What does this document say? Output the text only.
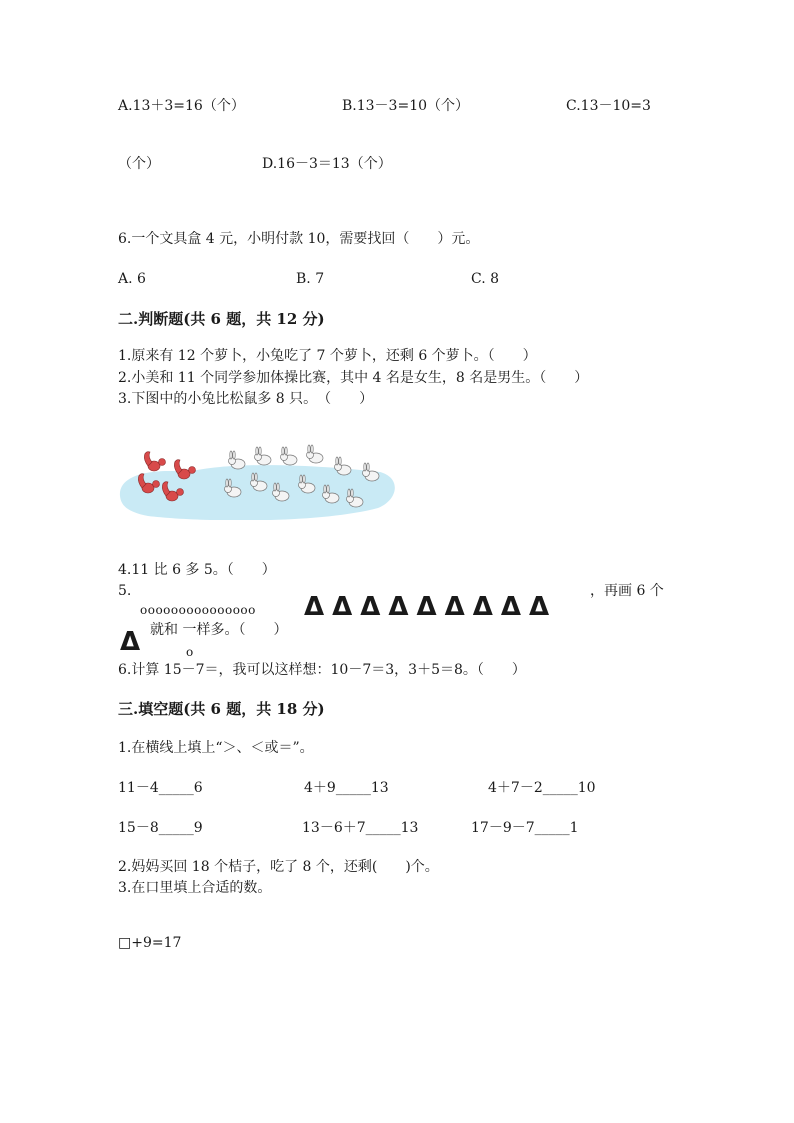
A.13＋3=16（个）	B.13－3=10（个）	C.13－10=3
（个）	D.16－3＝13（个）
6.一个文具盒 4 元，小明付款 10，需要找回（　　）元。
A. 6	B. 7	C. 8
二.判断题(共 6 题，共 12 分)
1.原来有 12 个萝卜，小兔吃了 7 个萝卜，还剩 6 个萝卜。（　　）
2.小美和 11 个同学参加体操比赛，其中 4 名是女生，8 名是男生。（　　）
3.下图中的小兔比松鼠多 8 只。　（　　）
4.11 比 6 多 5。（　　）
5.
ooooooooooooooo ΔΔΔΔΔΔΔΔΔ
，再画 6 个
Δ 就和 一样多。（　　）
o
6.计算 15－7＝，我可以这样想：10－7＝3，3＋5＝8。（　　）
三.填空题(共 6 题，共 18 分)
1.在横线上填上“＞、＜或＝”。
11－4_____6	4＋9_____13	4＋7－2_____10
15－8_____9	13－6＋7_____13	17－9－7_____1
2.妈妈买回 18 个桔子，吃了 8 个，还剩(　　)个。
3.在口里填上合适的数。
□+9=17
